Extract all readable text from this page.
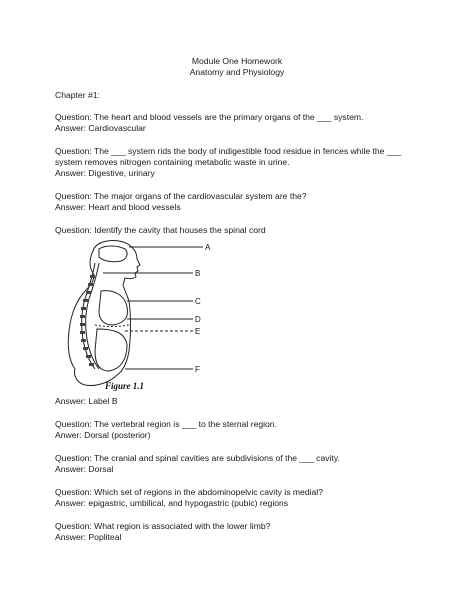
Module One Homework
Anatomy and Physiology
Chapter #1:
Question: The heart and blood vessels are the primary organs of the ___ system.
Answer: Cardiovascular
Question: The ___ system rids the body of indigestible food residue in fences while the ___
system removes nitrogen containing metabolic waste in urine.
Answer: Digestive, urinary
Question: The major organs of the cardiovascular system are the?
Answer: Heart and blood vessels
Question: Identify the cavity that houses the spinal cord
A
B
C
D
E
F
Figure 1.1
Answer: Label B
Question: The vertebral region is ___ to the sternal region.
Anwer: Dorsal (posterior)
Question: The cranial and spinal cavities are subdivisions of the ___ cavity.
Answer: Dorsal
Question: Which set of regions in the abdominopelvic cavity is medial?
Answer: epigastric, umbilical, and hypogastric (pubic) regions
Question: What region is associated with the lower limb?
Answer: Popliteal
